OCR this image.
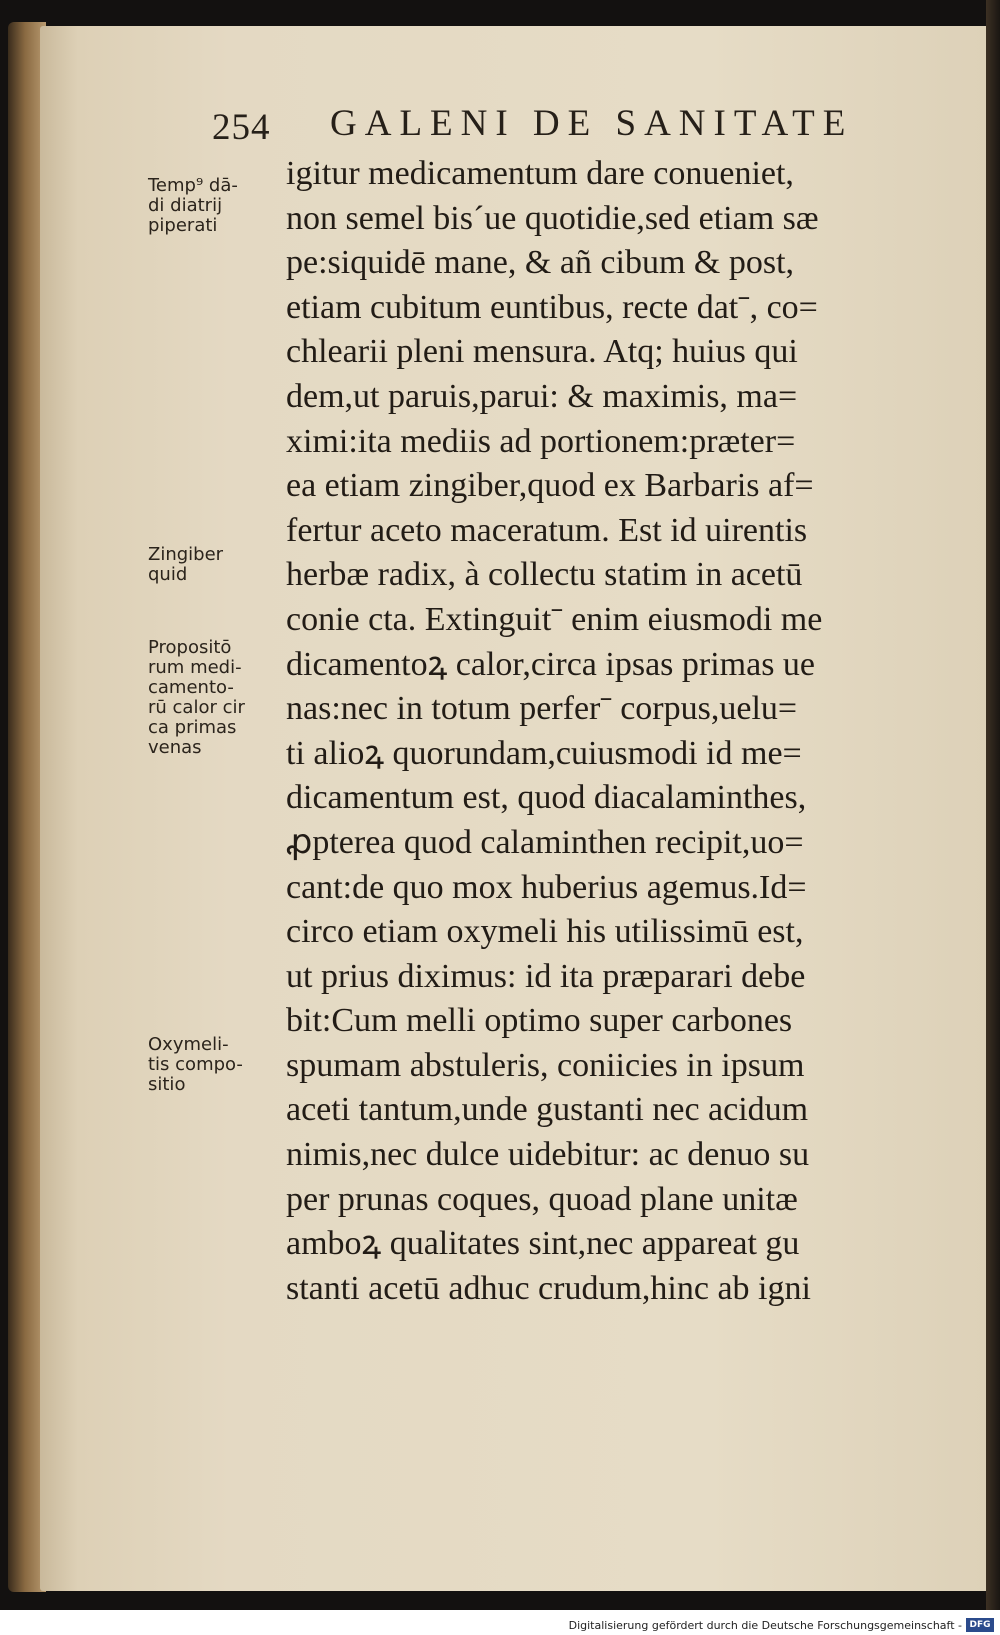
254 GALENI DE SANITATE
igitur medicamentum dare conueniet,
non semel bis´ue quotidie,sed etiam sæ
pe:siquidē mane, & añ cibum & post,
etiam cubitum euntibus, recte datˉ, co=
chlearii pleni mensura. Atq; huius qui
dem,ut paruis,parui: & maximis, ma=
ximi:ita mediis ad portionem:præter=
ea etiam zingiber,quod ex Barbaris af=
fertur aceto maceratum. Est id uirentis
herbæ radix, à collectu statim in acetū
conie cta. Extinguitˉ enim eiusmodi me
dicamentoꝝ calor,circa ipsas primas ue
nas:nec in totum perferˉ corpus,uelu=
ti alioꝝ quorundam,cuiusmodi id me=
dicamentum est, quod diacalaminthes,
ꝓpterea quod calaminthen recipit,uo=
cant:de quo mox huberius agemus.Id=
circo etiam oxymeli his utilissimū est,
ut prius diximus: id ita præparari debe
bit:Cum melli optimo super carbones
spumam abstuleris, coniicies in ipsum
aceti tantum,unde gustanti nec acidum
nimis,nec dulce uidebitur: ac denuo su
per prunas coques, quoad plane unitæ
amboꝝ qualitates sint,nec appareat gu
stanti acetū adhuc crudum,hinc ab igni
Temp⁹ dā-
di diatrij
piperati
Zingiber
quid
Propositō
rum medi-
camento-
rū calor cir
ca primas
venas
Oxymeli-
tis compo-
sitio
Digitalisierung gefördert durch die Deutsche Forschungsgemeinschaft - DFG
